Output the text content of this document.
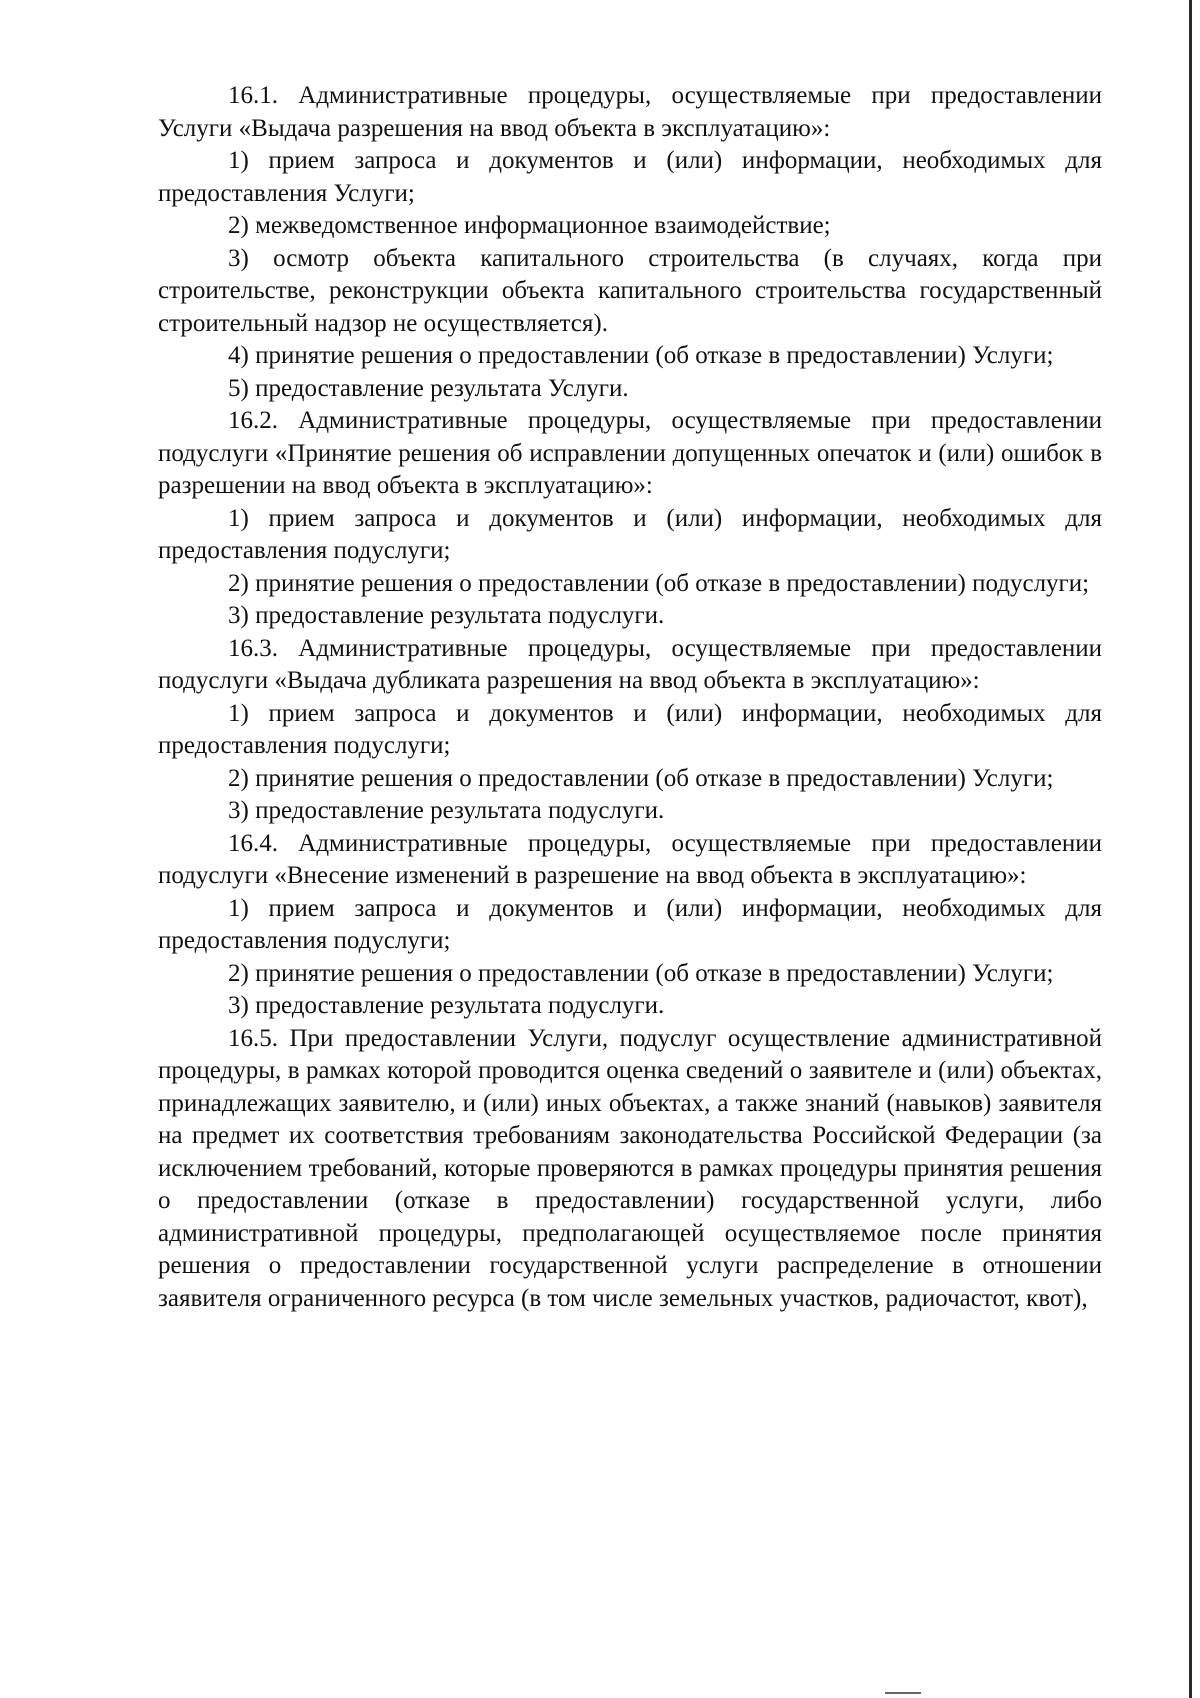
16.1. Административные процедуры, осуществляемые при предоставлении Услуги «Выдача разрешения на ввод объекта в эксплуатацию»:

1) прием запроса и документов и (или) информации, необходимых для предоставления Услуги;

2) межведомственное информационное взаимодействие;

3) осмотр объекта капитального строительства (в случаях, когда при строительстве, реконструкции объекта капитального строительства государственный строительный надзор не осуществляется).

4) принятие решения о предоставлении (об отказе в предоставлении) Услуги;

5) предоставление результата Услуги.

16.2. Административные процедуры, осуществляемые при предоставлении подуслуги «Принятие решения об исправлении допущенных опечаток и (или) ошибок в разрешении на ввод объекта в эксплуатацию»:

1) прием запроса и документов и (или) информации, необходимых для предоставления подуслуги;

2) принятие решения о предоставлении (об отказе в предоставлении) подуслуги;

3) предоставление результата подуслуги.

16.3. Административные процедуры, осуществляемые при предоставлении подуслуги «Выдача дубликата разрешения на ввод объекта в эксплуатацию»:

1) прием запроса и документов и (или) информации, необходимых для предоставления подуслуги;

2) принятие решения о предоставлении (об отказе в предоставлении) Услуги;

3) предоставление результата подуслуги.

16.4. Административные процедуры, осуществляемые при предоставлении подуслуги «Внесение изменений в разрешение на ввод объекта в эксплуатацию»:

1) прием запроса и документов и (или) информации, необходимых для предоставления подуслуги;

2) принятие решения о предоставлении (об отказе в предоставлении) Услуги;

3) предоставление результата подуслуги.

16.5. При предоставлении Услуги, подуслуг осуществление административной процедуры, в рамках которой проводится оценка сведений о заявителе и (или) объектах, принадлежащих заявителю, и (или) иных объектах, а также знаний (навыков) заявителя на предмет их соответствия требованиям законодательства Российской Федерации (за исключением требований, которые проверяются в рамках процедуры принятия решения о предоставлении (отказе в предоставлении) государственной услуги, либо административной процедуры, предполагающей осуществляемое после принятия решения о предоставлении государственной услуги распределение в отношении заявителя ограниченного ресурса (в том числе земельных участков, радиочастот, квот),
